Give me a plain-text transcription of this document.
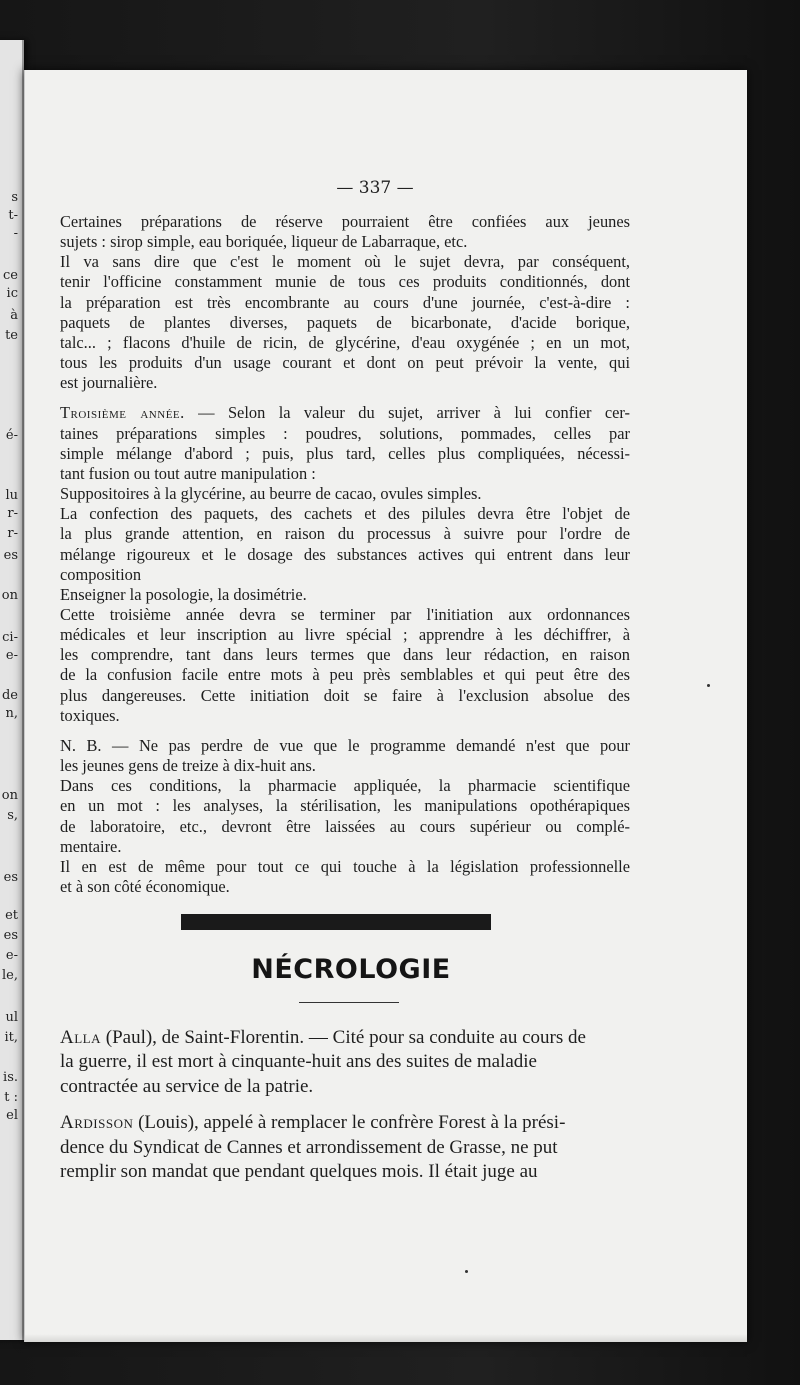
s
t-
-
ce
ic
à
te
é-
lu
r-
r-
es
on
ci-
e-
de
n,
on
s,
es
et
es
e-
le,
ul
it,
is.
t :
el
— 337 —
Certaines préparations de réserve pourraient être confiées aux jeunes
sujets : sirop simple, eau boriquée, liqueur de Labarraque, etc.
Il va sans dire que c'est le moment où le sujet devra, par conséquent,
tenir l'officine constamment munie de tous ces produits conditionnés, dont
la préparation est très encombrante au cours d'une journée, c'est-à-dire :
paquets de plantes diverses, paquets de bicarbonate, d'acide borique,
talc... ; flacons d'huile de ricin, de glycérine, d'eau oxygénée ; en un mot,
tous les produits d'un usage courant et dont on peut prévoir la vente, qui
est journalière.
Troisième année. — Selon la valeur du sujet, arriver à lui confier cer-
taines préparations simples : poudres, solutions, pommades, celles par
simple mélange d'abord ; puis, plus tard, celles plus compliquées, nécessi-
tant fusion ou tout autre manipulation :
Suppositoires à la glycérine, au beurre de cacao, ovules simples.
La confection des paquets, des cachets et des pilules devra être l'objet de
la plus grande attention, en raison du processus à suivre pour l'ordre de
mélange rigoureux et le dosage des substances actives qui entrent dans leur
composition
Enseigner la posologie, la dosimétrie.
Cette troisième année devra se terminer par l'initiation aux ordonnances
médicales et leur inscription au livre spécial ; apprendre à les déchiffrer, à
les comprendre, tant dans leurs termes que dans leur rédaction, en raison
de la confusion facile entre mots à peu près semblables et qui peut être des
plus dangereuses. Cette initiation doit se faire à l'exclusion absolue des
toxiques.
N. B. — Ne pas perdre de vue que le programme demandé n'est que pour
les jeunes gens de treize à dix-huit ans.
Dans ces conditions, la pharmacie appliquée, la pharmacie scientifique
en un mot : les analyses, la stérilisation, les manipulations opothérapiques
de laboratoire, etc., devront être laissées au cours supérieur ou complé-
mentaire.
Il en est de même pour tout ce qui touche à la législation professionnelle
et à son côté économique.
NÉCROLOGIE
Alla (Paul), de Saint-Florentin. — Cité pour sa conduite au cours de
la guerre, il est mort à cinquante-huit ans des suites de maladie
contractée au service de la patrie.
Ardisson (Louis), appelé à remplacer le confrère Forest à la prési-
dence du Syndicat de Cannes et arrondissement de Grasse, ne put
remplir son mandat que pendant quelques mois. Il était juge au
